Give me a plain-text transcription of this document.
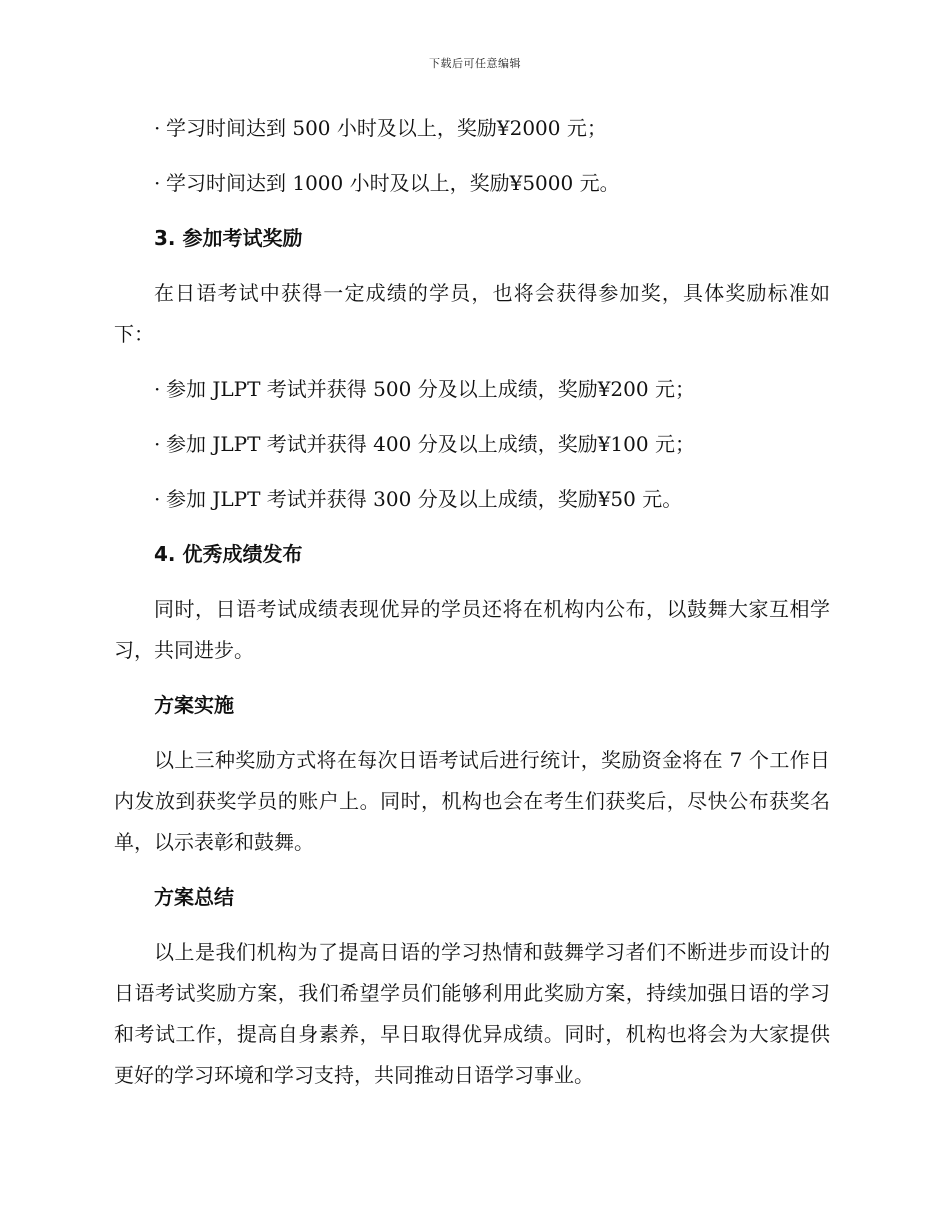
下载后可任意编辑

· 学习时间达到 500 小时及以上，奖励¥2000 元；

· 学习时间达到 1000 小时及以上，奖励¥5000 元。

3. 参加考试奖励

在日语考试中获得一定成绩的学员，也将会获得参加奖，具体奖励标准如下：

· 参加 JLPT 考试并获得 500 分及以上成绩，奖励¥200 元；

· 参加 JLPT 考试并获得 400 分及以上成绩，奖励¥100 元；

· 参加 JLPT 考试并获得 300 分及以上成绩，奖励¥50 元。

4. 优秀成绩发布

同时，日语考试成绩表现优异的学员还将在机构内公布，以鼓舞大家互相学习，共同进步。

方案实施

以上三种奖励方式将在每次日语考试后进行统计，奖励资金将在 7 个工作日内发放到获奖学员的账户上。同时，机构也会在考生们获奖后，尽快公布获奖名单，以示表彰和鼓舞。

方案总结

以上是我们机构为了提高日语的学习热情和鼓舞学习者们不断进步而设计的日语考试奖励方案，我们希望学员们能够利用此奖励方案，持续加强日语的学习和考试工作，提高自身素养，早日取得优异成绩。同时，机构也将会为大家提供更好的学习环境和学习支持，共同推动日语学习事业。
